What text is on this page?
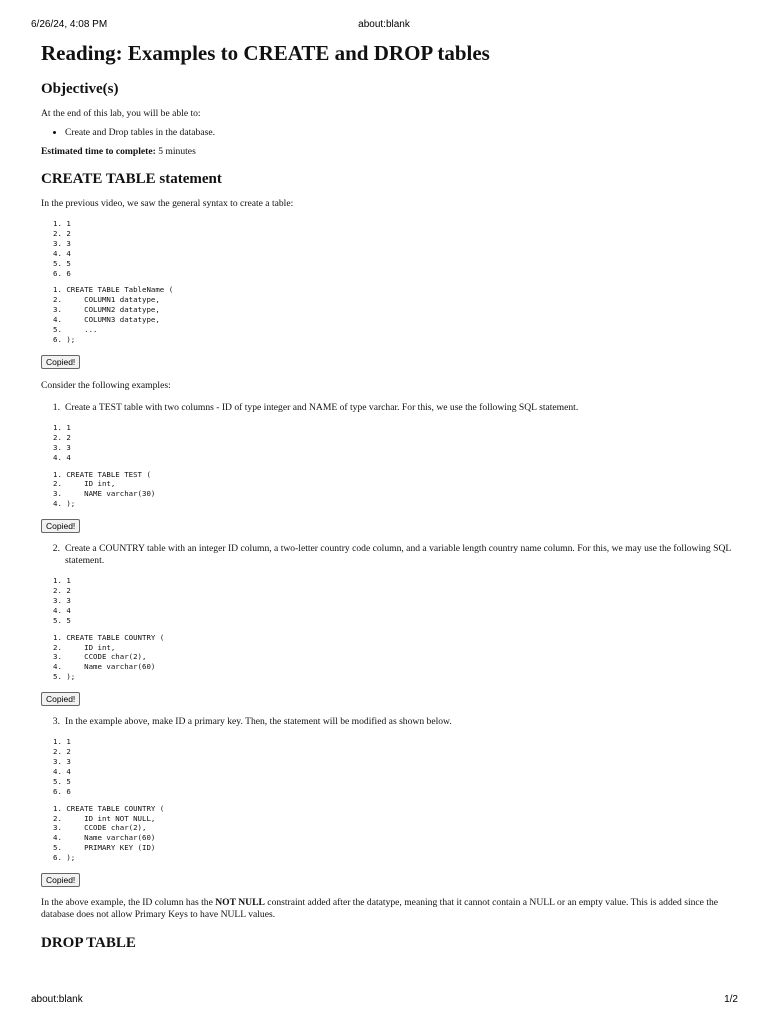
6/26/24, 4:08 PM	about:blank
Reading: Examples to CREATE and DROP tables
Objective(s)

At the end of this lab, you will be able to:

• Create and Drop tables in the database.

Estimated time to complete: 5 minutes

CREATE TABLE statement

In the previous video, we saw the general syntax to create a table:

1. 1
2. 2
3. 3
4. 4
5. 5
6. 6
1. CREATE TABLE TableName (
2.     COLUMN1 datatype,
3.     COLUMN2 datatype,
4.     COLUMN3 datatype,
5.     ...
6. );
Copied!

Consider the following examples:

1. Create a TEST table with two columns - ID of type integer and NAME of type varchar. For this, we use the following SQL statement.
1. 1
2. 2
3. 3
4. 4
1. CREATE TABLE TEST (
2.     ID int,
3.     NAME varchar(30)
4. );
Copied!
2. Create a COUNTRY table with an integer ID column, a two-letter country code column, and a variable length country name column. For this, we may use the following SQL statement.
1. 1
2. 2
3. 3
4. 4
5. 5
1. CREATE TABLE COUNTRY (
2.     ID int,
3.     CCODE char(2),
4.     Name varchar(60)
5. );
Copied!
3. In the example above, make ID a primary key. Then, the statement will be modified as shown below.
1. 1
2. 2
3. 3
4. 4
5. 5
6. 6
1. CREATE TABLE COUNTRY (
2.     ID int NOT NULL,
3.     CCODE char(2),
4.     Name varchar(60)
5.     PRIMARY KEY (ID)
6. );
Copied!

In the above example, the ID column has the NOT NULL constraint added after the datatype, meaning that it cannot contain a NULL or an empty value. This is added since the database does not allow Primary Keys to have NULL values.

DROP TABLE
about:blank	1/2
